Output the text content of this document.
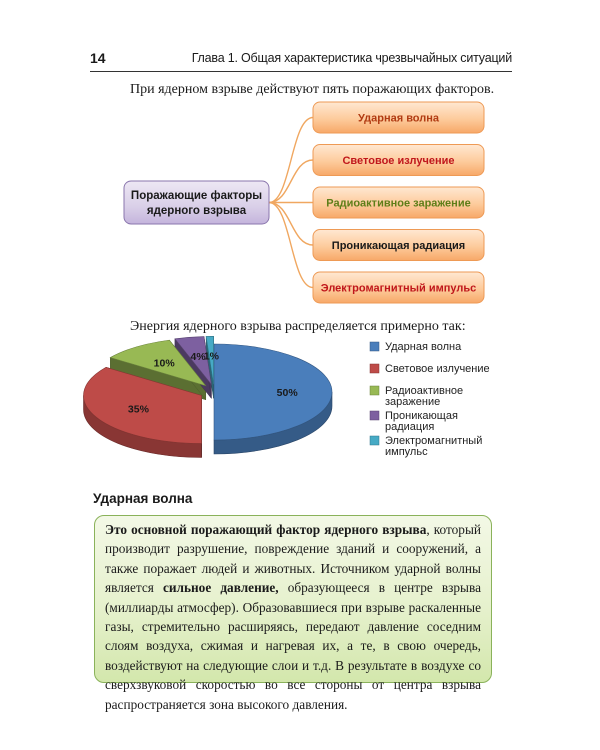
14	Глава 1. Общая характеристика чрезвычайных ситуаций
При ядерном взрыве действуют пять поражающих факторов.
Поражающие факторы
ядерного взрыва
Ударная волна
Световое излучение
Радиоактивное заражение
Проникающая радиация
Электромагнитный импульс
Энергия ядерного взрыва распределяется примерно так:
50%
35%
10%
4%
1%
Ударная волна
Световое излучение
Радиоактивное
заражение
Проникающая
радиация
Электромагнитный
импульс
Ударная волна
Это основной поражающий фактор ядерного взрыва, который производит разрушение, повреждение зданий и сооружений, а также поражает людей и животных. Источником ударной волны является сильное давление, образующееся в центре взрыва (миллиарды атмосфер). Образовавшиеся при взрыве раскаленные газы, стремительно расширяясь, передают давление соседним слоям воздуха, сжимая и нагревая их, а те, в свою очередь, воздействуют на следующие слои и т.д. В результате в воздухе со сверхзвуковой скоростью во все стороны от центра взрыва распространяется зона высокого давления.
